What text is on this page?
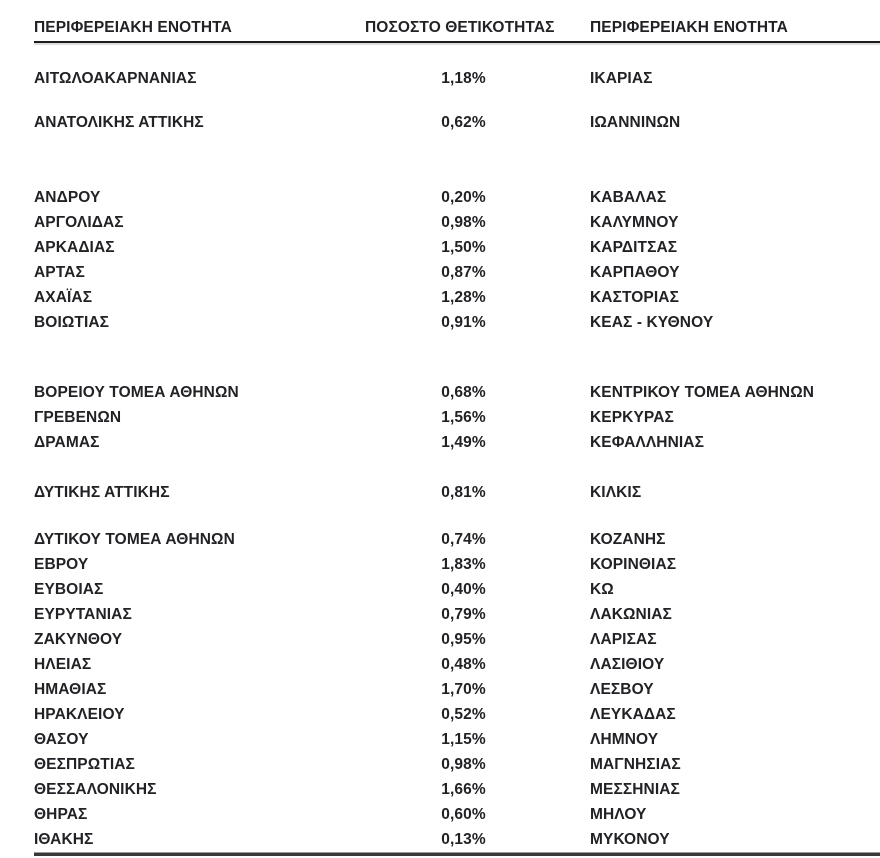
ΠΕΡΙΦΕΡΕΙΑΚΗ ΕΝΟΤΗΤΑ	ΠΟΣΟΣΤΟ ΘΕΤΙΚΟΤΗΤΑΣ	ΠΕΡΙΦΕΡΕΙΑΚΗ ΕΝΟΤΗΤΑ
ΑΙΤΩΛΟΑΚΑΡΝΑΝΙΑΣ	1,18%	ΙΚΑΡΙΑΣ
ΑΝΑΤΟΛΙΚΗΣ ΑΤΤΙΚΗΣ	0,62%	ΙΩΑΝΝΙΝΩΝ
ΑΝΔΡΟΥ	0,20%	ΚΑΒΑΛΑΣ
ΑΡΓΟΛΙΔΑΣ	0,98%	ΚΑΛΥΜΝΟΥ
ΑΡΚΑΔΙΑΣ	1,50%	ΚΑΡΔΙΤΣΑΣ
ΑΡΤΑΣ	0,87%	ΚΑΡΠΑΘΟΥ
ΑΧΑΪΑΣ	1,28%	ΚΑΣΤΟΡΙΑΣ
ΒΟΙΩΤΙΑΣ	0,91%	ΚΕΑΣ - ΚΥΘΝΟΥ
ΒΟΡΕΙΟΥ ΤΟΜΕΑ ΑΘΗΝΩΝ	0,68%	ΚΕΝΤΡΙΚΟΥ ΤΟΜΕΑ ΑΘΗΝΩΝ
ΓΡΕΒΕΝΩΝ	1,56%	ΚΕΡΚΥΡΑΣ
ΔΡΑΜΑΣ	1,49%	ΚΕΦΑΛΛΗΝΙΑΣ
ΔΥΤΙΚΗΣ ΑΤΤΙΚΗΣ	0,81%	ΚΙΛΚΙΣ
ΔΥΤΙΚΟΥ ΤΟΜΕΑ ΑΘΗΝΩΝ	0,74%	ΚΟΖΑΝΗΣ
ΕΒΡΟΥ	1,83%	ΚΟΡΙΝΘΙΑΣ
ΕΥΒΟΙΑΣ	0,40%	ΚΩ
ΕΥΡΥΤΑΝΙΑΣ	0,79%	ΛΑΚΩΝΙΑΣ
ΖΑΚΥΝΘΟΥ	0,95%	ΛΑΡΙΣΑΣ
ΗΛΕΙΑΣ	0,48%	ΛΑΣΙΘΙΟΥ
ΗΜΑΘΙΑΣ	1,70%	ΛΕΣΒΟΥ
ΗΡΑΚΛΕΙΟΥ	0,52%	ΛΕΥΚΑΔΑΣ
ΘΑΣΟΥ	1,15%	ΛΗΜΝΟΥ
ΘΕΣΠΡΩΤΙΑΣ	0,98%	ΜΑΓΝΗΣΙΑΣ
ΘΕΣΣΑΛΟΝΙΚΗΣ	1,66%	ΜΕΣΣΗΝΙΑΣ
ΘΗΡΑΣ	0,60%	ΜΗΛΟΥ
ΙΘΑΚΗΣ	0,13%	ΜΥΚΟΝΟΥ
